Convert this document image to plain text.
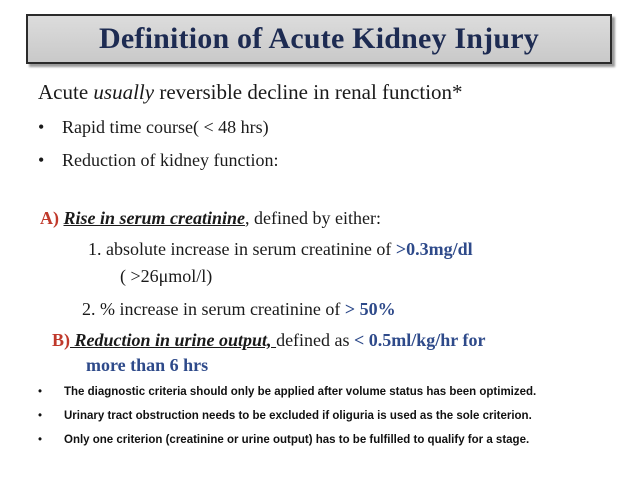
Definition of Acute Kidney Injury
Acute usually reversible decline in renal function*
• Rapid time course( < 48 hrs)
• Reduction of kidney function:
A) Rise in serum creatinine, defined by either:
1. absolute increase in serum creatinine of >0.3mg/dl
( >26μmol/l)
2. % increase in serum creatinine of > 50%
B) Reduction in urine output, defined as < 0.5ml/kg/hr for
more than 6 hrs
• The diagnostic criteria should only be applied after volume status has been optimized.
• Urinary tract obstruction needs to be excluded if oliguria is used as the sole criterion.
• Only one criterion (creatinine or urine output) has to be fulfilled to qualify for a stage.
